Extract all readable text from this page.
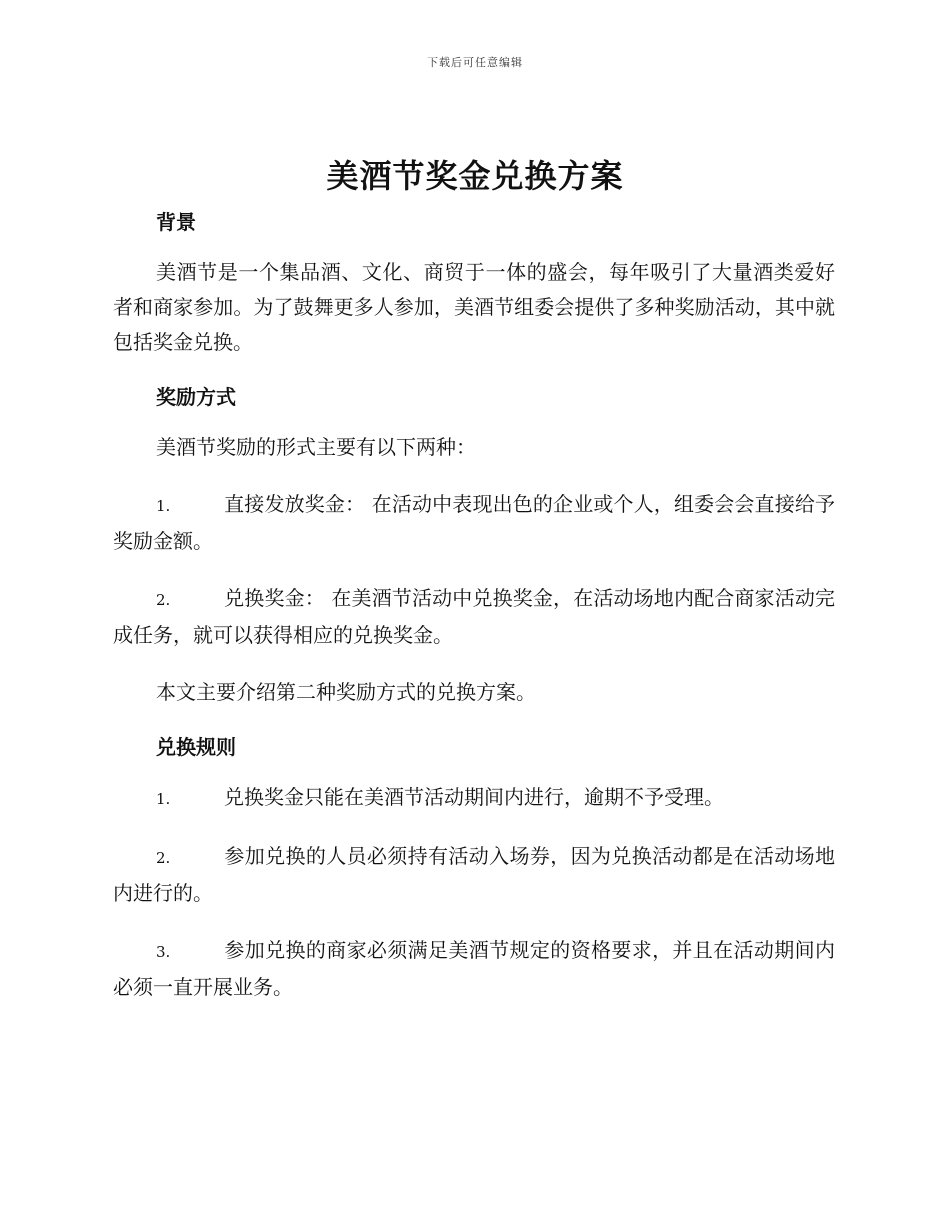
下载后可任意编辑
美酒节奖金兑换方案

背景

美酒节是一个集品酒、文化、商贸于一体的盛会，每年吸引了大量酒类爱好者和商家参加。为了鼓舞更多人参加，美酒节组委会提供了多种奖励活动，其中就包括奖金兑换。

奖励方式

美酒节奖励的形式主要有以下两种：

1.	直接发放奖金： 在活动中表现出色的企业或个人，组委会会直接给予奖励金额。

2.	兑换奖金： 在美酒节活动中兑换奖金，在活动场地内配合商家活动完成任务，就可以获得相应的兑换奖金。

本文主要介绍第二种奖励方式的兑换方案。

兑换规则

1.	兑换奖金只能在美酒节活动期间内进行，逾期不予受理。

2.	参加兑换的人员必须持有活动入场券，因为兑换活动都是在活动场地内进行的。

3.	参加兑换的商家必须满足美酒节规定的资格要求，并且在活动期间内必须一直开展业务。
